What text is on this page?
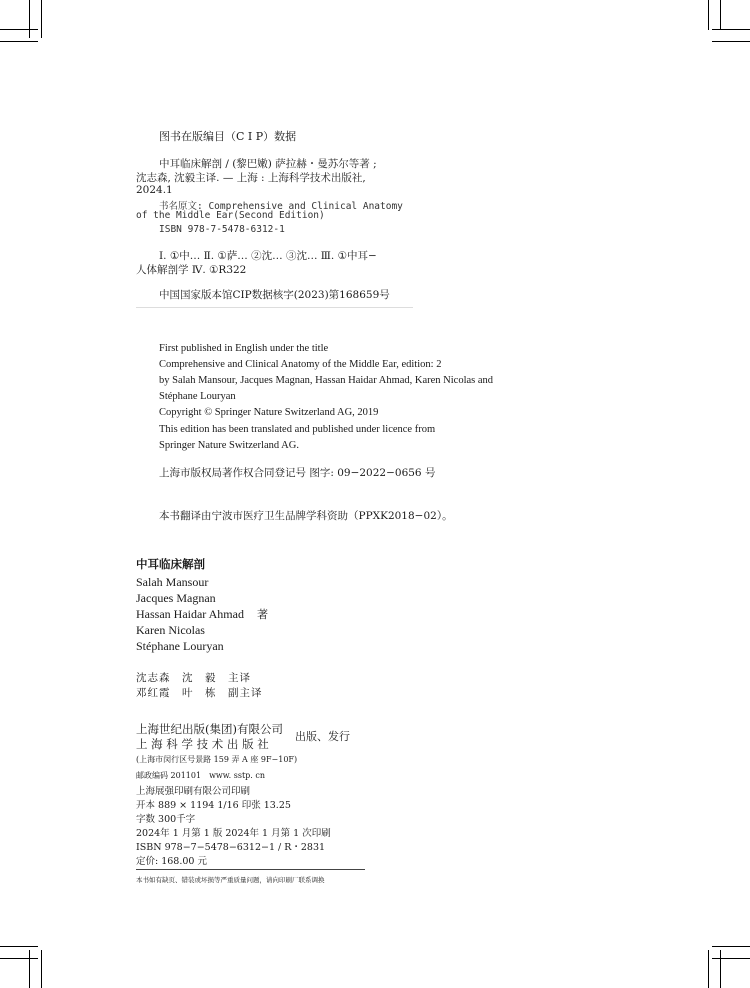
图书在版编目（C I P）数据
中耳临床解剖 / (黎巴嫩) 萨拉赫・曼苏尔等著 ;
沈志森, 沈毅主译. — 上海 : 上海科学技术出版社,
2024.1
书名原文: Comprehensive and Clinical Anatomy
of the Middle Ear(Second Edition)
ISBN 978-7-5478-6312-1
Ⅰ. ①中… Ⅱ. ①萨… ②沈… ③沈… Ⅲ. ①中耳−
人体解剖学 Ⅳ. ①R322
中国国家版本馆CIP数据核字(2023)第168659号
First published in English under the title
Comprehensive and Clinical Anatomy of the Middle Ear, edition: 2
by Salah Mansour, Jacques Magnan, Hassan Haidar Ahmad, Karen Nicolas and
Stéphane Louryan
Copyright © Springer Nature Switzerland AG, 2019
This edition has been translated and published under licence from
Springer Nature Switzerland AG.
上海市版权局著作权合同登记号 图字: 09−2022−0656 号
本书翻译由宁波市医疗卫生品牌学科资助（PPXK2018−02）。
中耳临床解剖
Salah Mansour
Jacques Magnan
Hassan Haidar Ahmad
Karen Nicolas
Stéphane Louryan
著
沈志森　沈　毅　主译
邓红霞　叶　栋　副主译
上海世纪出版(集团)有限公司
上 海 科 学 技 术 出 版 社
出版、发行
(上海市闵行区号景路 159 弄 A 座 9F−10F)
邮政编码 201101　www. sstp. cn
上海展强印刷有限公司印刷
开本 889 × 1194 1/16 印张 13.25
字数 300千字
2024年 1 月第 1 版 2024年 1 月第 1 次印刷
ISBN 978−7−5478−6312−1 / R・2831
定价: 168.00 元
本书如有缺页、错装或坏损等严重质量问题，请向印刷厂联系调换
